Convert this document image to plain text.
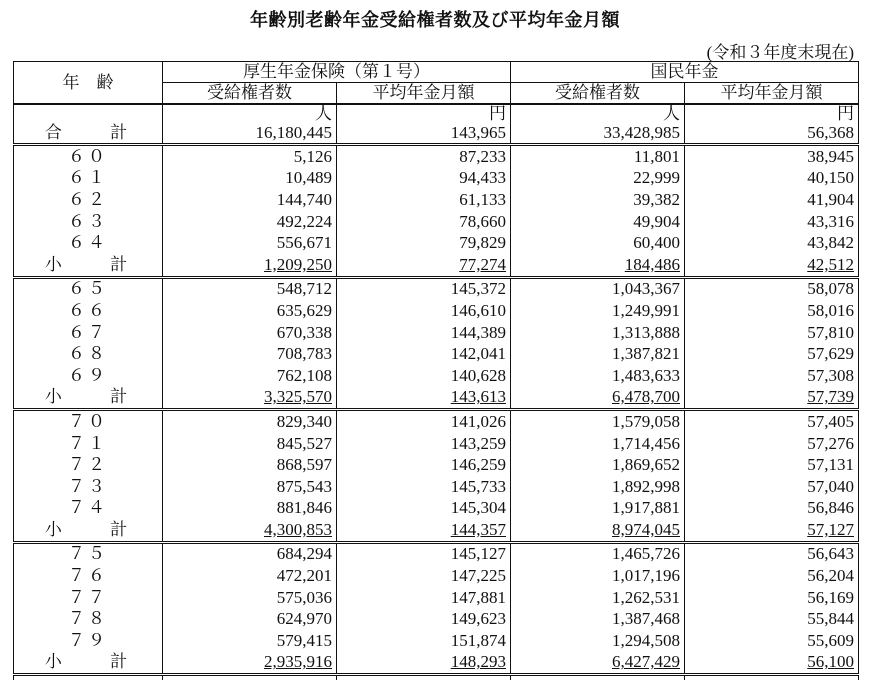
年齢別老齢年金受給権者数及び平均年金月額
(令和３年度末現在)
年　齢	厚生年金保険（第１号）		国民年金	
	受給権者数	平均年金月額	受給権者数	平均年金月額
	人	円	人	円
合 計	16,180,445	143,965	33,428,985	56,368
６０	5,126	87,233	11,801	38,945
６１	10,489	94,433	22,999	40,150
６２	144,740	61,133	39,382	41,904
６３	492,224	78,660	49,904	43,316
６４	556,671	79,829	60,400	43,842
小 計	1,209,250	77,274	184,486	42,512
６５	548,712	145,372	1,043,367	58,078
６６	635,629	146,610	1,249,991	58,016
６７	670,338	144,389	1,313,888	57,810
６８	708,783	142,041	1,387,821	57,629
６９	762,108	140,628	1,483,633	57,308
小 計	3,325,570	143,613	6,478,700	57,739
７０	829,340	141,026	1,579,058	57,405
７１	845,527	143,259	1,714,456	57,276
７２	868,597	146,259	1,869,652	57,131
７３	875,543	145,733	1,892,998	57,040
７４	881,846	145,304	1,917,881	56,846
小 計	4,300,853	144,357	8,974,045	57,127
７５	684,294	145,127	1,465,726	56,643
７６	472,201	147,225	1,017,196	56,204
７７	575,036	147,881	1,262,531	56,169
７８	624,970	149,623	1,387,468	55,844
７９	579,415	151,874	1,294,508	55,609
小 計	2,935,916	148,293	6,427,429	56,100
